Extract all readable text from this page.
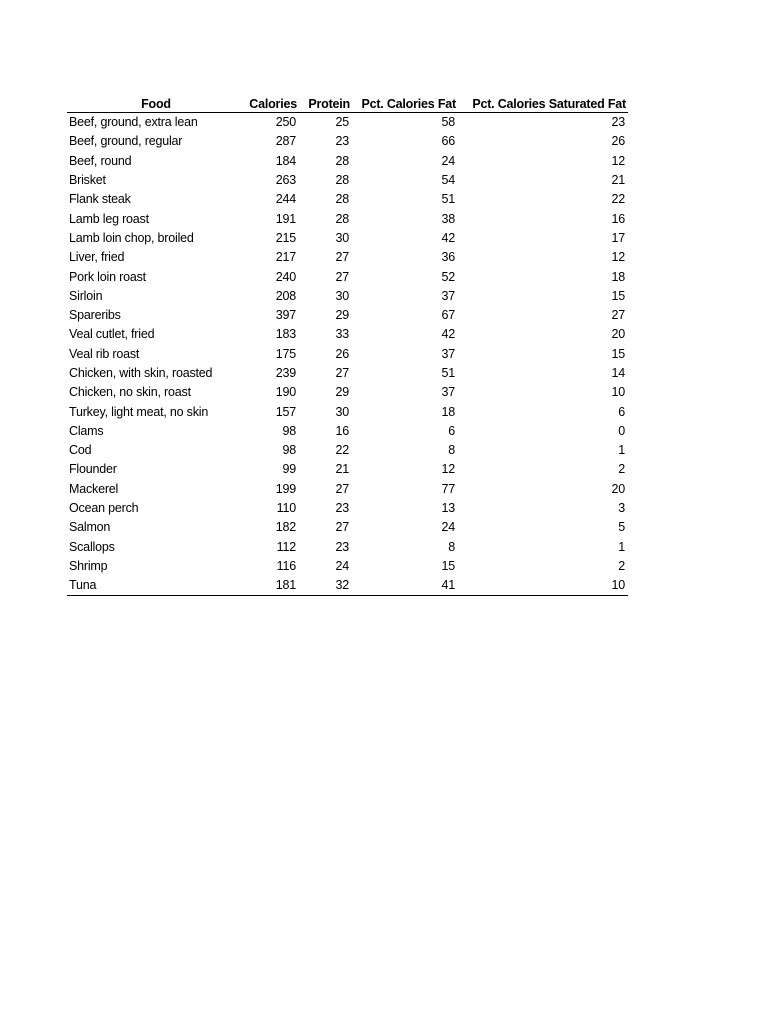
Food	Calories	Protein	Pct. Calories Fat	Pct. Calories Saturated Fat
Beef, ground, extra lean	250	25	58	23
Beef, ground, regular	287	23	66	26
Beef, round	184	28	24	12
Brisket	263	28	54	21
Flank steak	244	28	51	22
Lamb leg roast	191	28	38	16
Lamb loin chop, broiled	215	30	42	17
Liver, fried	217	27	36	12
Pork loin roast	240	27	52	18
Sirloin	208	30	37	15
Spareribs	397	29	67	27
Veal cutlet, fried	183	33	42	20
Veal rib roast	175	26	37	15
Chicken, with skin, roasted	239	27	51	14
Chicken, no skin, roast	190	29	37	10
Turkey, light meat, no skin	157	30	18	6
Clams	98	16	6	0
Cod	98	22	8	1
Flounder	99	21	12	2
Mackerel	199	27	77	20
Ocean perch	110	23	13	3
Salmon	182	27	24	5
Scallops	112	23	8	1
Shrimp	116	24	15	2
Tuna	181	32	41	10
